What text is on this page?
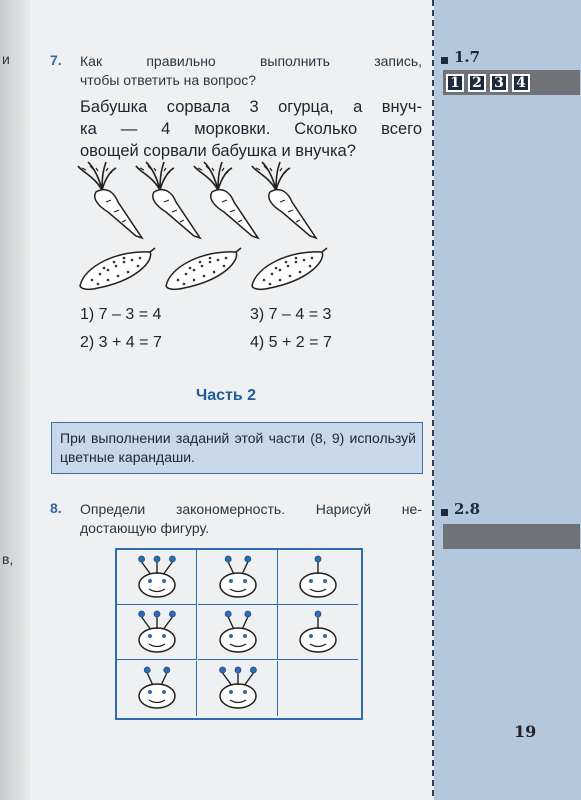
и
в,
1.7
1 2 3 4
2.8
7. Как правильно выполнить запись,
чтобы ответить на вопрос?
Бабушка сорвала 3 огурца, а внуч-
ка — 4 морковки. Сколько всего
овощей сорвали бабушка и внучка?
1) 7 – 3 = 4	3) 7 – 4 = 3
2) 3 + 4 = 7	4) 5 + 2 = 7
Часть 2
При выполнении заданий этой части (8, 9) используй цветные карандаши.
8. Определи закономерность. Нарисуй не-
достающую фигуру.
19
